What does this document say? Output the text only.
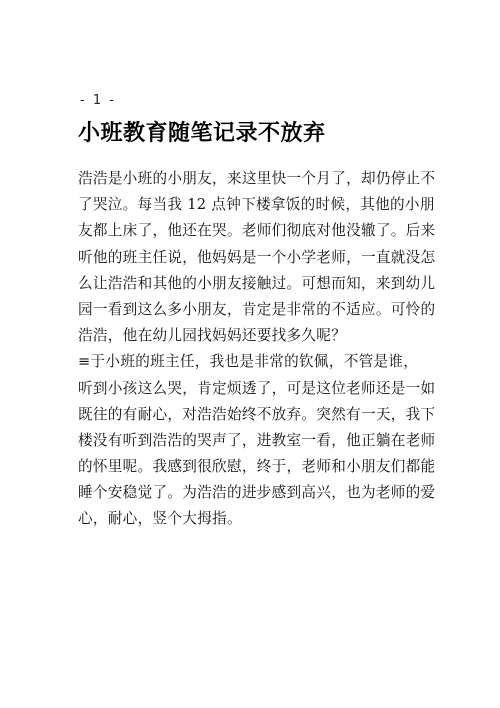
- 1 -
小班教育随笔记录不放弃
浩浩是小班的小朋友，来这里快一个月了，却仍停止不
了哭泣。每当我 12 点钟下楼拿饭的时候，其他的小朋
友都上床了，他还在哭。老师们彻底对他没辙了。后来
听他的班主任说，他妈妈是一个小学老师，一直就没怎
么让浩浩和其他的小朋友接触过。可想而知，来到幼儿
园一看到这么多小朋友，肯定是非常的不适应。可怜的
浩浩，他在幼儿园找妈妈还要找多久呢？
≡于小班的班主任，我也是非常的钦佩，不管是谁，
听到小孩这么哭，肯定烦透了，可是这位老师还是一如
既往的有耐心，对浩浩始终不放弃。突然有一天，我下
楼没有听到浩浩的哭声了，进教室一看，他正躺在老师
的怀里呢。我感到很欣慰，终于，老师和小朋友们都能
睡个安稳觉了。为浩浩的进步感到高兴，也为老师的爱
心，耐心，竖个大拇指。
